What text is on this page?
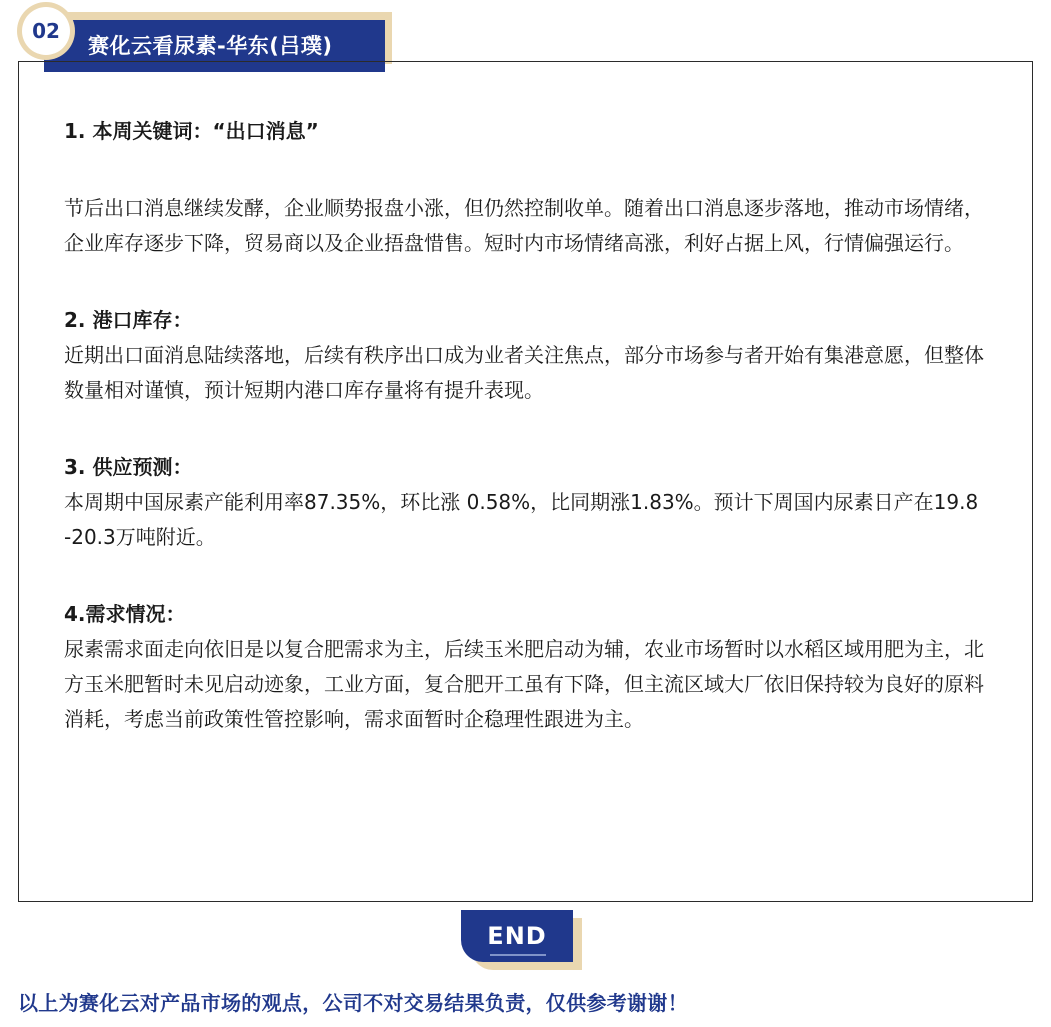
赛化云看尿素-华东(吕璞)
02
1. 本周关键词：“出口消息”

节后出口消息继续发酵，企业顺势报盘小涨，但仍然控制收单。随着出口消息逐步落地，推动市场情绪，企业库存逐步下降，贸易商以及企业捂盘惜售。短时内市场情绪高涨，利好占据上风，行情偏强运行。

2. 港口库存：

近期出口面消息陆续落地，后续有秩序出口成为业者关注焦点，部分市场参与者开始有集港意愿，但整体数量相对谨慎，预计短期内港口库存量将有提升表现。

3. 供应预测：

本周期中国尿素产能利用率87.35%，环比涨 0.58%，比同期涨1.83%。预计下周国内尿素日产在19.8 -20.3万吨附近。

4.需求情况：

尿素需求面走向依旧是以复合肥需求为主，后续玉米肥启动为辅，农业市场暂时以水稻区域用肥为主，北方玉米肥暂时未见启动迹象，工业方面，复合肥开工虽有下降，但主流区域大厂依旧保持较为良好的原料消耗，考虑当前政策性管控影响，需求面暂时企稳理性跟进为主。

END
以上为赛化云对产品市场的观点，公司不对交易结果负责，仅供参考谢谢！
